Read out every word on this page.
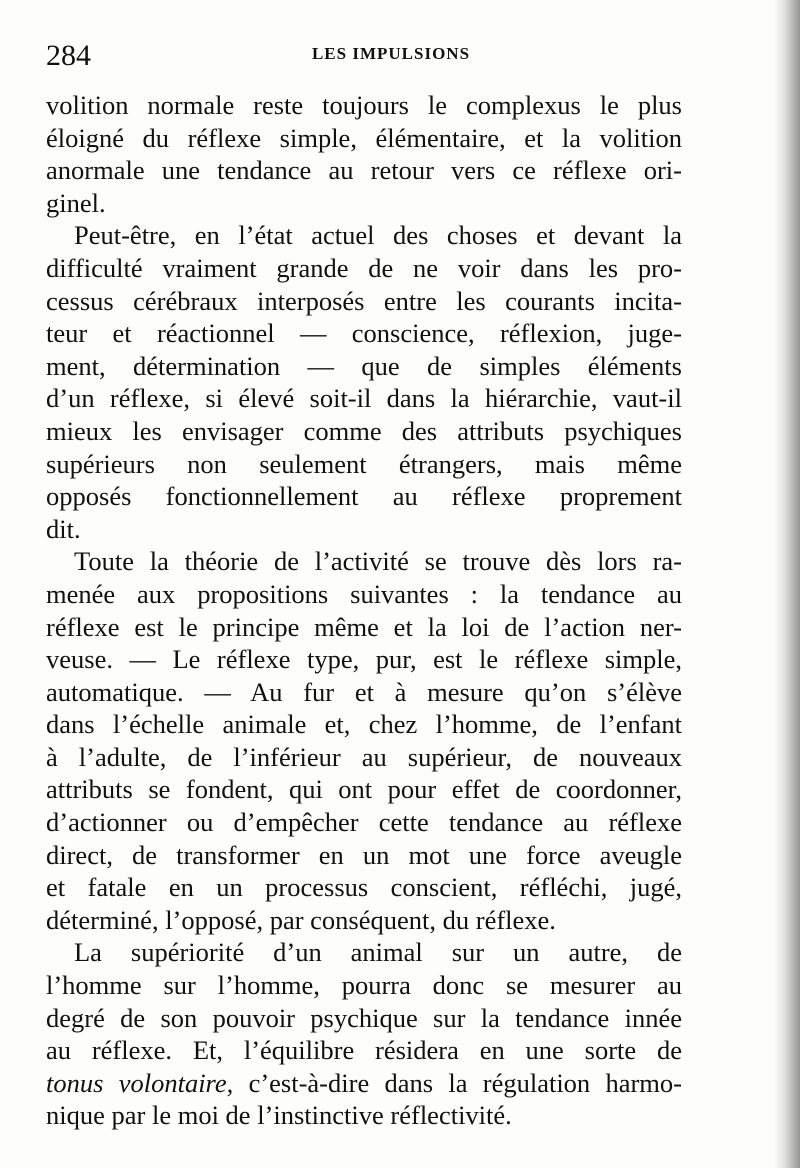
284	LES IMPULSIONS
volition normale reste toujours le complexus le plus
éloigné du réflexe simple, élémentaire, et la volition
anormale une tendance au retour vers ce réflexe ori-
ginel.
Peut-être, en l’état actuel des choses et devant la
difficulté vraiment grande de ne voir dans les pro-
cessus cérébraux interposés entre les courants incita-
teur et réactionnel — conscience, réflexion, juge-
ment, détermination — que de simples éléments
d’un réflexe, si élevé soit-il dans la hiérarchie, vaut-il
mieux les envisager comme des attributs psychiques
supérieurs non seulement étrangers, mais même
opposés fonctionnellement au réflexe proprement
dit.
Toute la théorie de l’activité se trouve dès lors ra-
menée aux propositions suivantes : la tendance au
réflexe est le principe même et la loi de l’action ner-
veuse. — Le réflexe type, pur, est le réflexe simple,
automatique. — Au fur et à mesure qu’on s’élève
dans l’échelle animale et, chez l’homme, de l’enfant
à l’adulte, de l’inférieur au supérieur, de nouveaux
attributs se fondent, qui ont pour effet de coordonner,
d’actionner ou d’empêcher cette tendance au réflexe
direct, de transformer en un mot une force aveugle
et fatale en un processus conscient, réfléchi, jugé,
déterminé, l’opposé, par conséquent, du réflexe.
La supériorité d’un animal sur un autre, de
l’homme sur l’homme, pourra donc se mesurer au
degré de son pouvoir psychique sur la tendance innée
au réflexe. Et, l’équilibre résidera en une sorte de
tonus volontaire, c’est-à-dire dans la régulation harmo-
nique par le moi de l’instinctive réflectivité.
